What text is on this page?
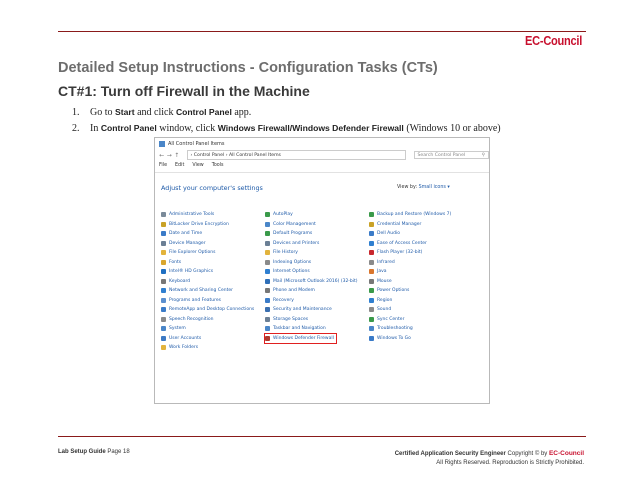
EC-Council
Detailed Setup Instructions - Configuration Tasks (CTs)
CT#1: Turn off Firewall in the Machine
1. Go to Start and click Control Panel app.
2. In Control Panel window, click Windows Firewall/Windows Defender Firewall (Windows 10 or above)
All Control Panel Items
← → ↑	› Control Panel › All Control Panel Items	Search Control Panel	⚲
File Edit View Tools
Adjust your computer's settings	View by: Small icons ▾
Administrative Tools
BitLocker Drive Encryption
Date and Time
Device Manager
File Explorer Options
Fonts
Intel® HD Graphics
Keyboard
Network and Sharing Center
Programs and Features
RemoteApp and Desktop Connections
Speech Recognition
System
User Accounts
Work Folders
AutoPlay
Color Management
Default Programs
Devices and Printers
File History
Indexing Options
Internet Options
Mail (Microsoft Outlook 2016) (32-bit)
Phone and Modem
Recovery
Security and Maintenance
Storage Spaces
Taskbar and Navigation
Windows Defender Firewall
Backup and Restore (Windows 7)
Credential Manager
Dell Audio
Ease of Access Center
Flash Player (32-bit)
Infrared
Java
Mouse
Power Options
Region
Sound
Sync Center
Troubleshooting
Windows To Go
Lab Setup Guide Page 18	Certified Application Security Engineer Copyright © by EC-Council
All Rights Reserved. Reproduction is Strictly Prohibited.
